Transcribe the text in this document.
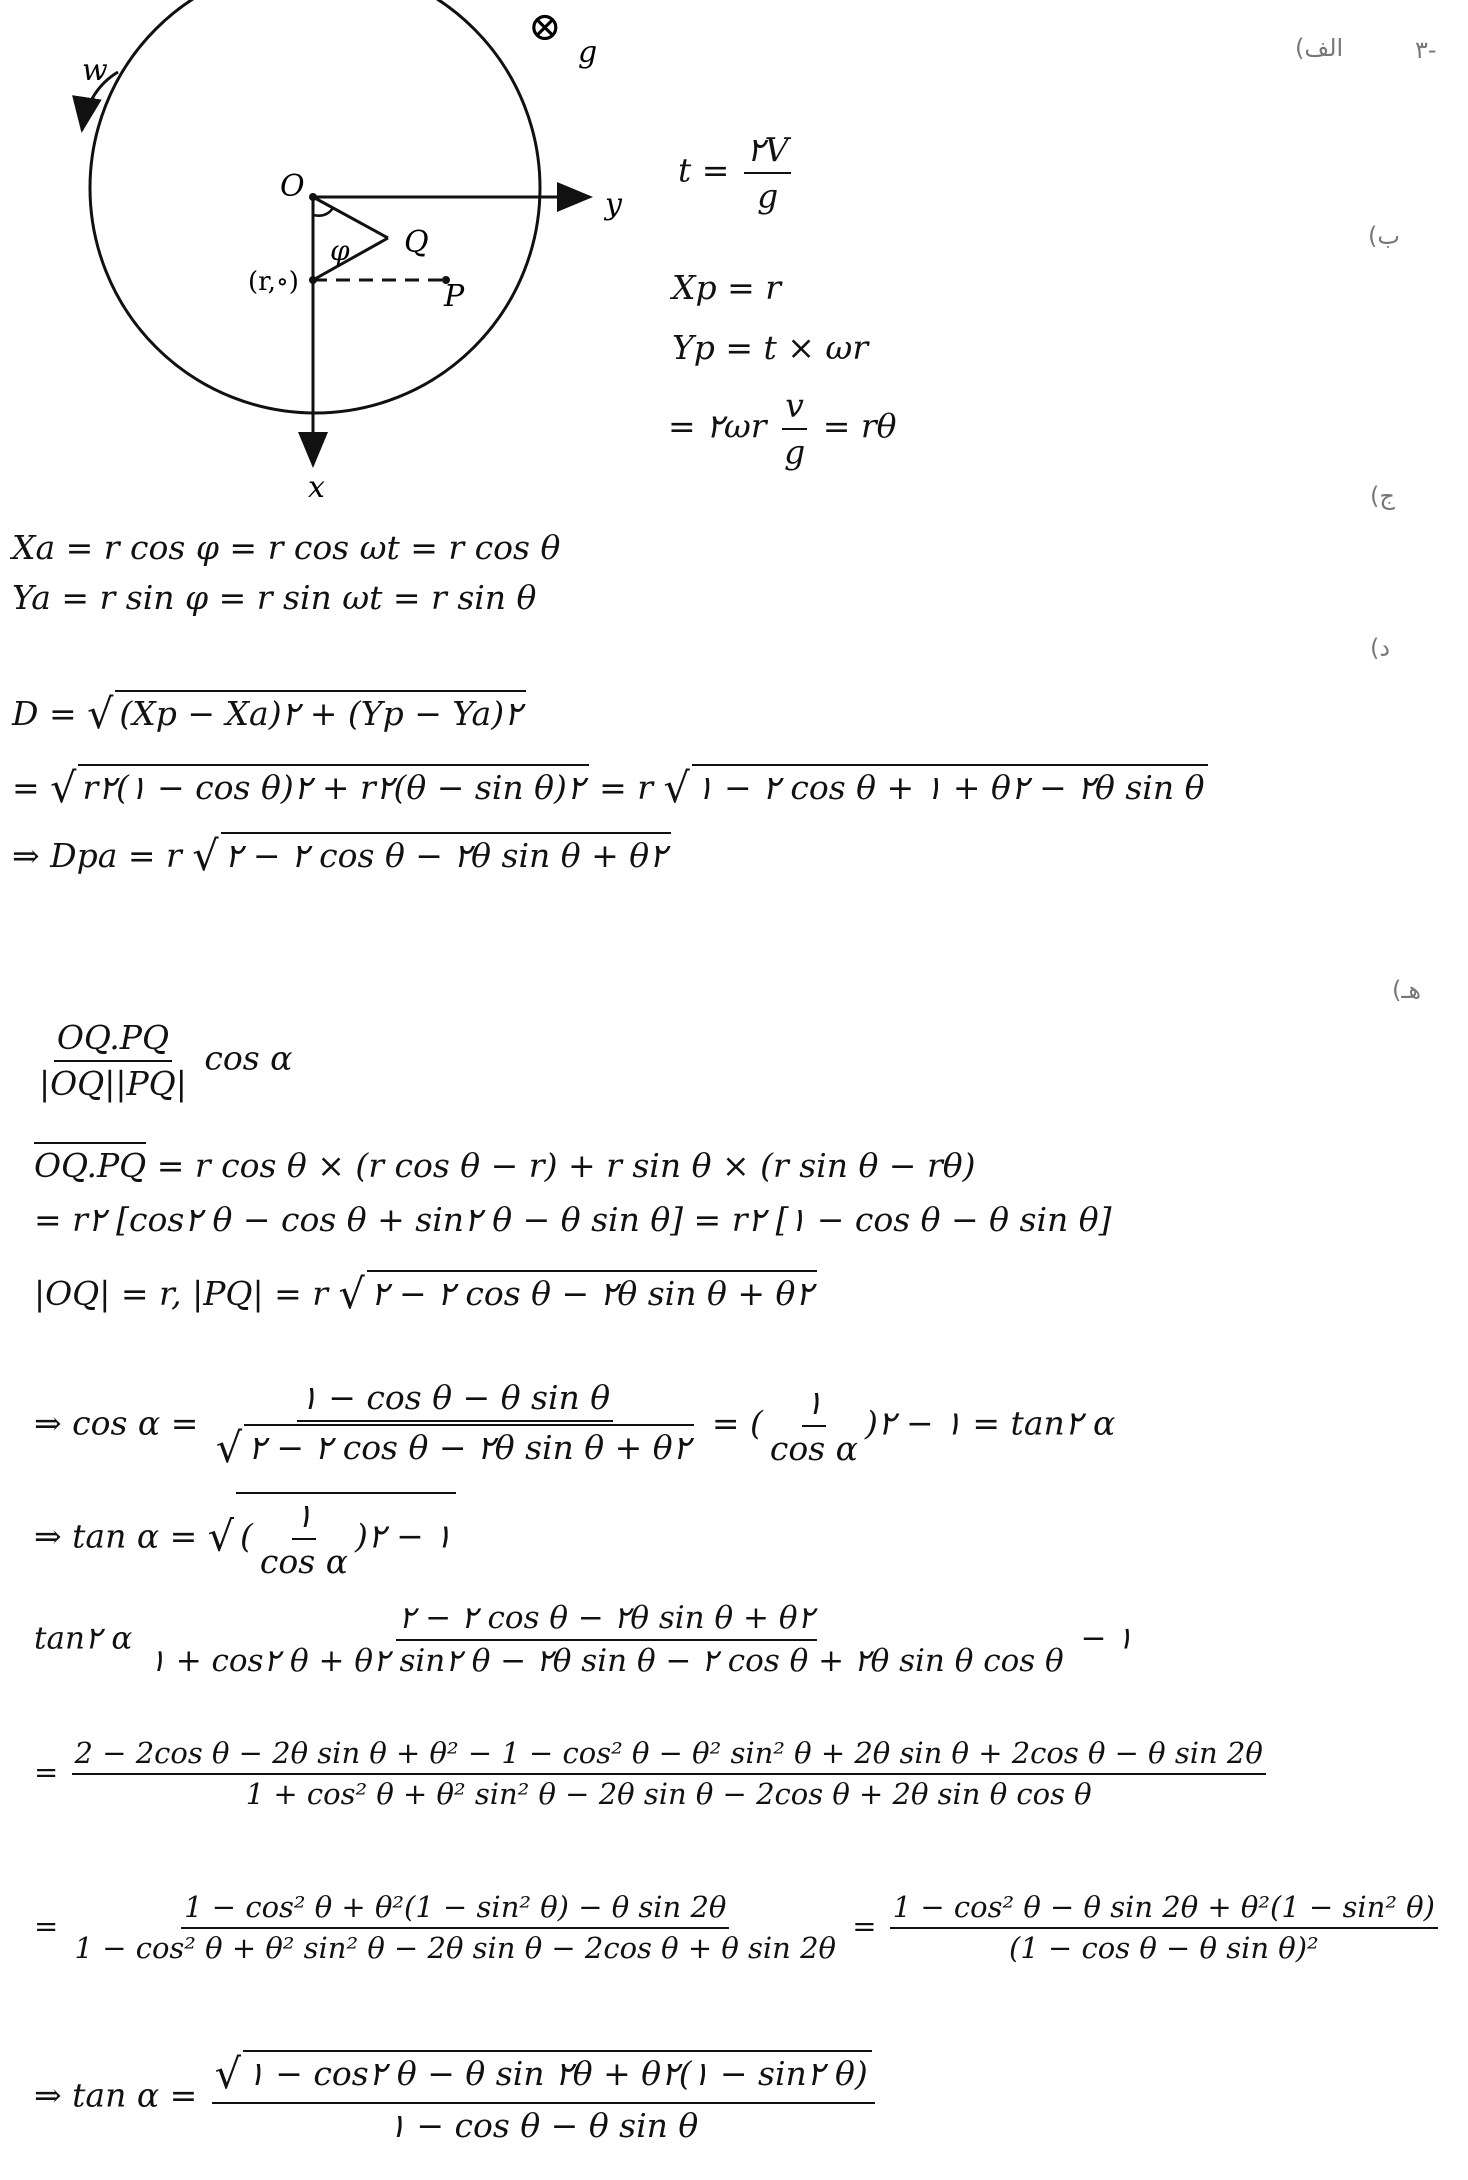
-۳
الف)
ب)
ج)
د)
هـ)
w
⊗
g
O
y
x
φ Q
(r,∘)	P
$t = \frac{۲V}{g}$
Xp = r
Yp = t × ωr
= ۲ωr $\frac{v}{g} = r\theta$
Xa = r cos φ = r cos ωt = r cos θ
Ya = r sin φ = r sin ωt = r sin θ
D = √ (Xp − Xa)۲ + (Yp − Ya)۲
= √ r۲(۱ − cos θ)۲ + r۲(θ − sin θ)۲ = r √ ۱ − ۲ cos θ + ۱ + θ۲ − ۲θ sin θ
⇒ Dpa = r √ ۲ − ۲ cos θ − ۲θ sin θ + θ۲
$\frac{OQ.PQ}{|OQ||PQ|}$ cos α
OQ.PQ = r cos θ × (r cos θ − r) + r sin θ × (r sin θ − rθ)
= r۲ [cos۲ θ − cos θ + sin۲ θ − θ sin θ] = r۲ [۱ − cos θ − θ sin θ]
|OQ| = r, |PQ| = r √ ۲ − ۲ cos θ − ۲θ sin θ + θ۲
⇒ $\cos \alpha = \frac{\text{۱ − cos θ − θ sin θ}}{\text{√ ۲ − ۲ cos θ − ۲θ sin θ + θ۲}}$ = ( $\frac{۱}{\text{cos α}}$ )۲ − ۱ = tan۲ α
⇒ tan α = √ ( $\frac{۱}{\text{cos α}}$ )۲ − ۱
tan۲ α $\frac{\text{۲ − ۲ cos θ − ۲θ sin θ + θ۲}}{\text{۱ + cos۲ θ + θ۲ sin۲ θ − ۲θ sin θ − ۲ cos θ + ۲θ sin θ cos θ}}$ − ۱
=
2 − 2cos θ − 2θ sin θ + θ² − 1 − cos² θ − θ² sin² θ + 2θ sin θ + 2cos θ − θ sin 2θ
1 + cos² θ + θ² sin² θ − 2θ sin θ − 2cos θ + 2θ sin θ cos θ
= $\frac{\text{1 − cos² θ + θ²(1 − sin² θ) − θ sin 2θ}}{\text{1 − cos² θ + θ² sin² θ − 2θ sin θ − 2cos θ + θ sin 2θ}} = \frac{\text{1 − cos² θ − θ sin 2θ + θ²(1 − sin² θ)}}{\text{(1 − cos θ − θ sin θ)²}}$
⇒ $\tan \alpha = \frac{\text{√ ۱ − cos۲ θ − θ sin ۲θ + θ۲(۱ − sin۲ θ)}}{\text{۱ − cos θ − θ sin θ}}$
